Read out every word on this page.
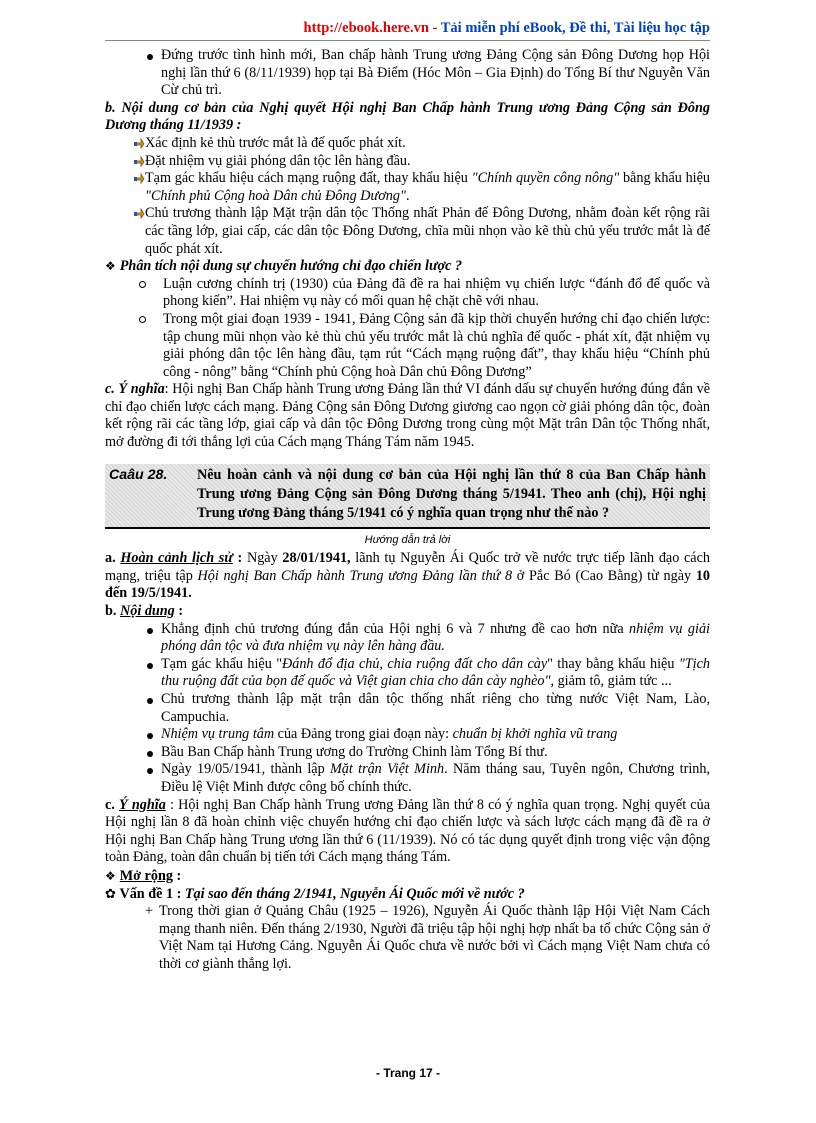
http://ebook.here.vn - Tải miễn phí eBook, Đề thi, Tài liệu học tập
Đứng trước tình hình mới, Ban chấp hành Trung ương Đảng Cộng sản Đông Dương họp Hội nghị lần thứ 6 (8/11/1939) họp tại Bà Điểm (Hóc Môn – Gia Định) do Tổng Bí thư Nguyễn Văn Cừ chủ trì.

b. Nội dung cơ bản của Nghị quyết Hội nghị Ban Chấp hành Trung ương Đảng Cộng sản Đông Dương tháng 11/1939 :

Xác định kẻ thù trước mắt là đế quốc phát xít.
Đặt nhiệm vụ giải phóng dân tộc lên hàng đầu.
Tạm gác khẩu hiệu cách mạng ruộng đất, thay khẩu hiệu "Chính quyền công nông" bằng khẩu hiệu "Chính phủ Cộng hoà Dân chủ Đông Dương".
Chủ trương thành lập Mặt trận dân tộc Thống nhất Phản đế Đông Dương, nhằm đoàn kết rộng rãi các tầng lớp, giai cấp, các dân tộc Đông Dương, chĩa mũi nhọn vào kẽ thù chủ yếu trước mắt là đế quốc phát xít.

❖ Phân tích nội dung sự chuyển hướng chỉ đạo chiến lược ?

Luận cương chính trị (1930) của Đảng đã đề ra hai nhiệm vụ chiến lược “đánh đổ đế quốc và phong kiến”. Hai nhiệm vụ này có mối quan hệ chặt chẽ với nhau.
Trong một giai đoạn 1939 - 1941, Đảng Cộng sản đã kịp thời chuyển hướng chỉ đạo chiến lược: tập chung mũi nhọn vào kẻ thù chủ yếu trước mắt là chủ nghĩa đế quốc - phát xít, đặt nhiệm vụ giải phóng dân tộc lên hàng đầu, tạm rút “Cách mạng ruộng đất”, thay khẩu hiệu “Chính phủ công - nông” bằng “Chính phủ Cộng hoà Dân chủ Đông Dương”

c. Ý nghĩa: Hội nghị Ban Chấp hành Trung ương Đảng lần thứ VI đánh dấu sự chuyển hướng đúng đắn về chỉ đạo chiến lược cách mạng. Đảng Cộng sản Đông Dương giương cao ngọn cờ giải phóng dân tộc, đoàn kết rộng rãi các tầng lớp, giai cấp và dân tộc Đông Dương trong cùng một Mặt trân Dân tộc Thống nhất, mở đường đi tới thắng lợi của Cách mạng Tháng Tám năm 1945.

Caâu 28. Nêu hoàn cảnh và nội dung cơ bản của Hội nghị lần thứ 8 của Ban Chấp hành Trung ương Đảng Cộng sản Đông Dương tháng 5/1941. Theo anh (chị), Hội nghị Trung ương Đảng tháng 5/1941 có ý nghĩa quan trọng như thế nào ?
Hướng dẫn trả lời

a. Hoàn cảnh lịch sử : Ngày 28/01/1941, lãnh tụ Nguyễn Ái Quốc trở về nước trực tiếp lãnh đạo cách mạng, triệu tập Hội nghị Ban Chấp hành Trung ương Đảng lần thứ 8 ở Pắc Bó (Cao Bằng) từ ngày 10 đến 19/5/1941.

b. Nội dung :

Khẳng định chủ trương đúng đắn của Hội nghị 6 và 7 nhưng đề cao hơn nữa nhiệm vụ giải phóng dân tộc và đưa nhiệm vụ này lên hàng đầu.
Tạm gác khẩu hiệu "Đánh đổ địa chủ, chia ruộng đất cho dân cày" thay bằng khẩu hiệu "Tịch thu ruộng đất của bọn đế quốc và Việt gian chia cho dân cày nghèo", giảm tô, giảm tức ...
Chủ trương thành lập mặt trận dân tộc thống nhất riêng cho từng nước Việt Nam, Lào, Campuchia.
Nhiệm vụ trung tâm của Đảng trong giai đoạn này: chuẩn bị khởi nghĩa vũ trang
Bầu Ban Chấp hành Trung ương do Trường Chinh làm Tổng Bí thư.
Ngày 19/05/1941, thành lập Mặt trận Việt Minh. Năm tháng sau, Tuyên ngôn, Chương trình, Điều lệ Việt Minh được công bố chính thức.

c. Ý nghĩa : Hội nghị Ban Chấp hành Trung ương Đảng lần thứ 8 có ý nghĩa quan trọng. Nghị quyết của Hội nghị lần 8 đã hoàn chỉnh việc chuyển hướng chỉ đạo chiến lược và sách lược cách mạng đã đề ra ở Hội nghị Ban Chấp hàng Trung ương lần thứ 6 (11/1939). Nó có tác dụng quyết định trong việc vận động toàn Đảng, toàn dân chuẩn bị tiến tới Cách mạng tháng Tám.

❖ Mở rộng :

✿ Vấn đề 1 : Tại sao đến tháng 2/1941, Nguyễn Ái Quốc mới về nước ?

+ Trong thời gian ở Quảng Châu (1925 – 1926), Nguyễn Ái Quốc thành lập Hội Việt Nam Cách mạng thanh niên. Đến tháng 2/1930, Người đã triệu tập hội nghị hợp nhất ba tổ chức Cộng sản ở Việt Nam tại Hương Cảng. Nguyễn Ái Quốc chưa về nước bởi vì Cách mạng Việt Nam chưa có thời cơ giành thắng lợi.
- Trang 17 -
